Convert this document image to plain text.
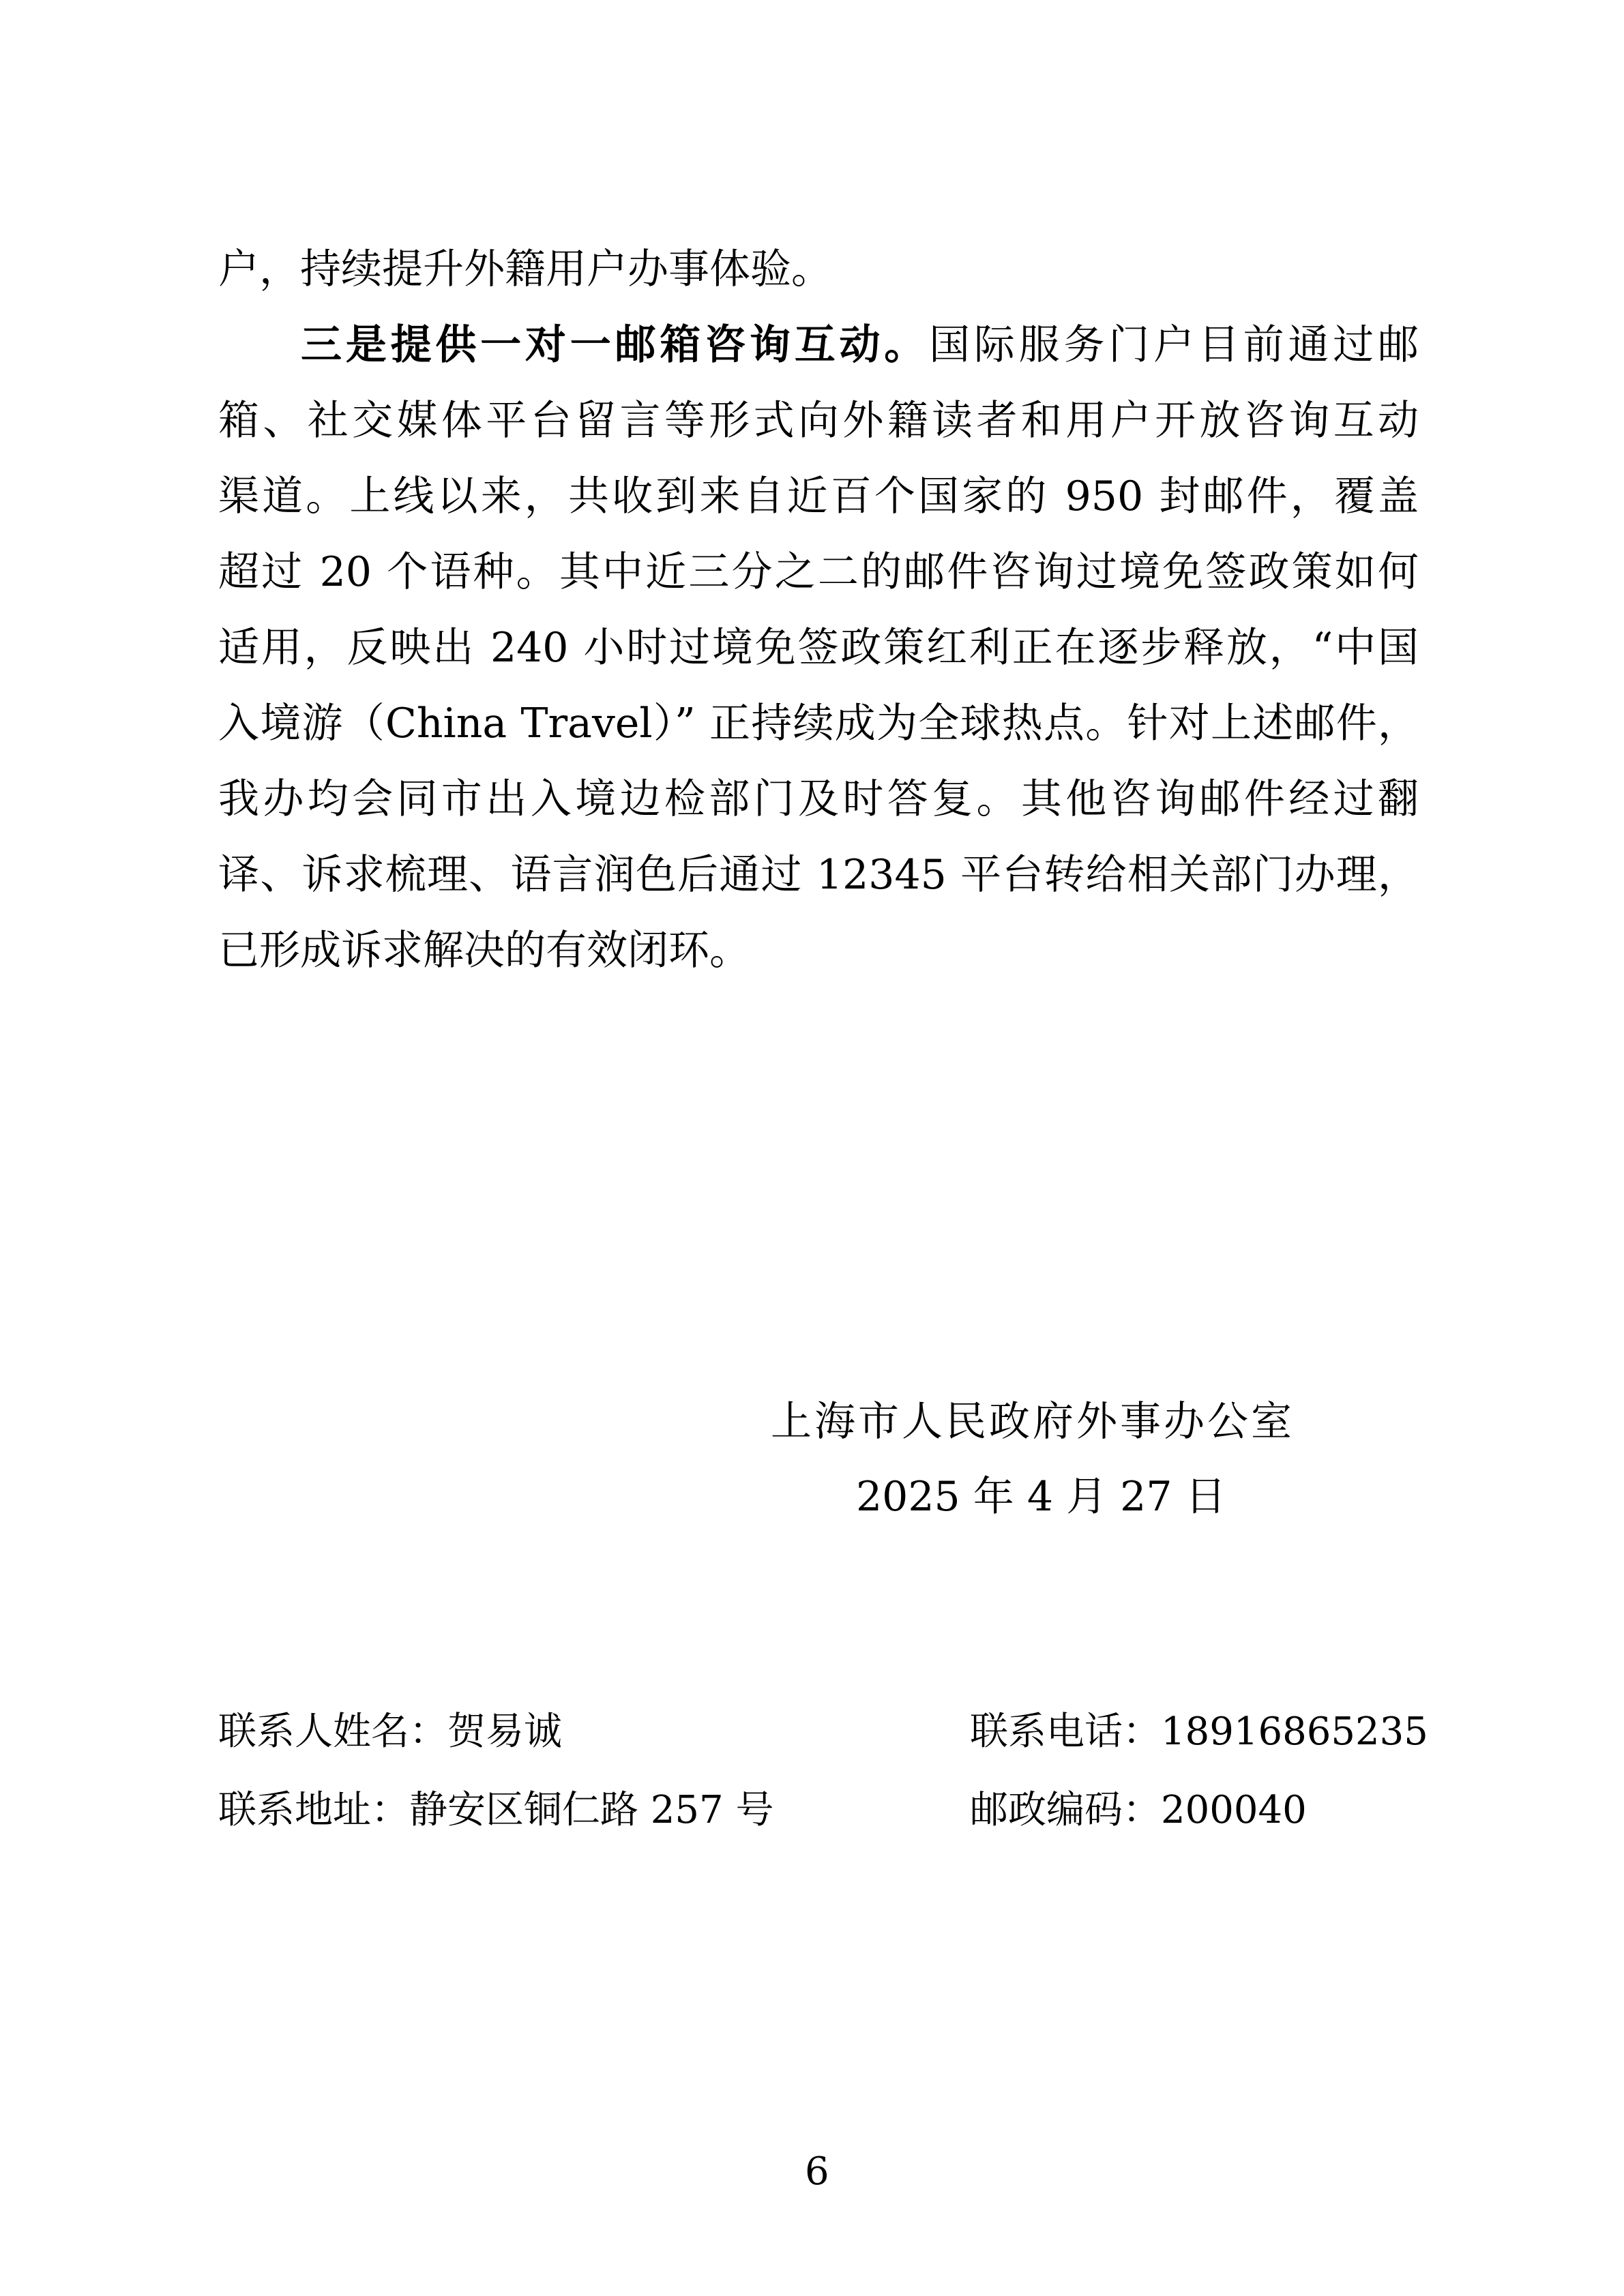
户，持续提升外籍用户办事体验。
三是提供一对一邮箱咨询互动。国际服务门户目前通过邮
箱、社交媒体平台留言等形式向外籍读者和用户开放咨询互动
渠道。上线以来，共收到来自近百个国家的 950 封邮件，覆盖
超过 20 个语种。其中近三分之二的邮件咨询过境免签政策如何
适用，反映出 240 小时过境免签政策红利正在逐步释放，“中国
入境游（China Travel）” 正持续成为全球热点。针对上述邮件，
我办均会同市出入境边检部门及时答复。其他咨询邮件经过翻
译、诉求梳理、语言润色后通过 12345 平台转给相关部门办理，
已形成诉求解决的有效闭环。
上海市人民政府外事办公室
2025 年 4 月 27 日
联系人姓名：贺易诚	联系电话：18916865235
联系地址：静安区铜仁路 257 号	邮政编码：200040
6
